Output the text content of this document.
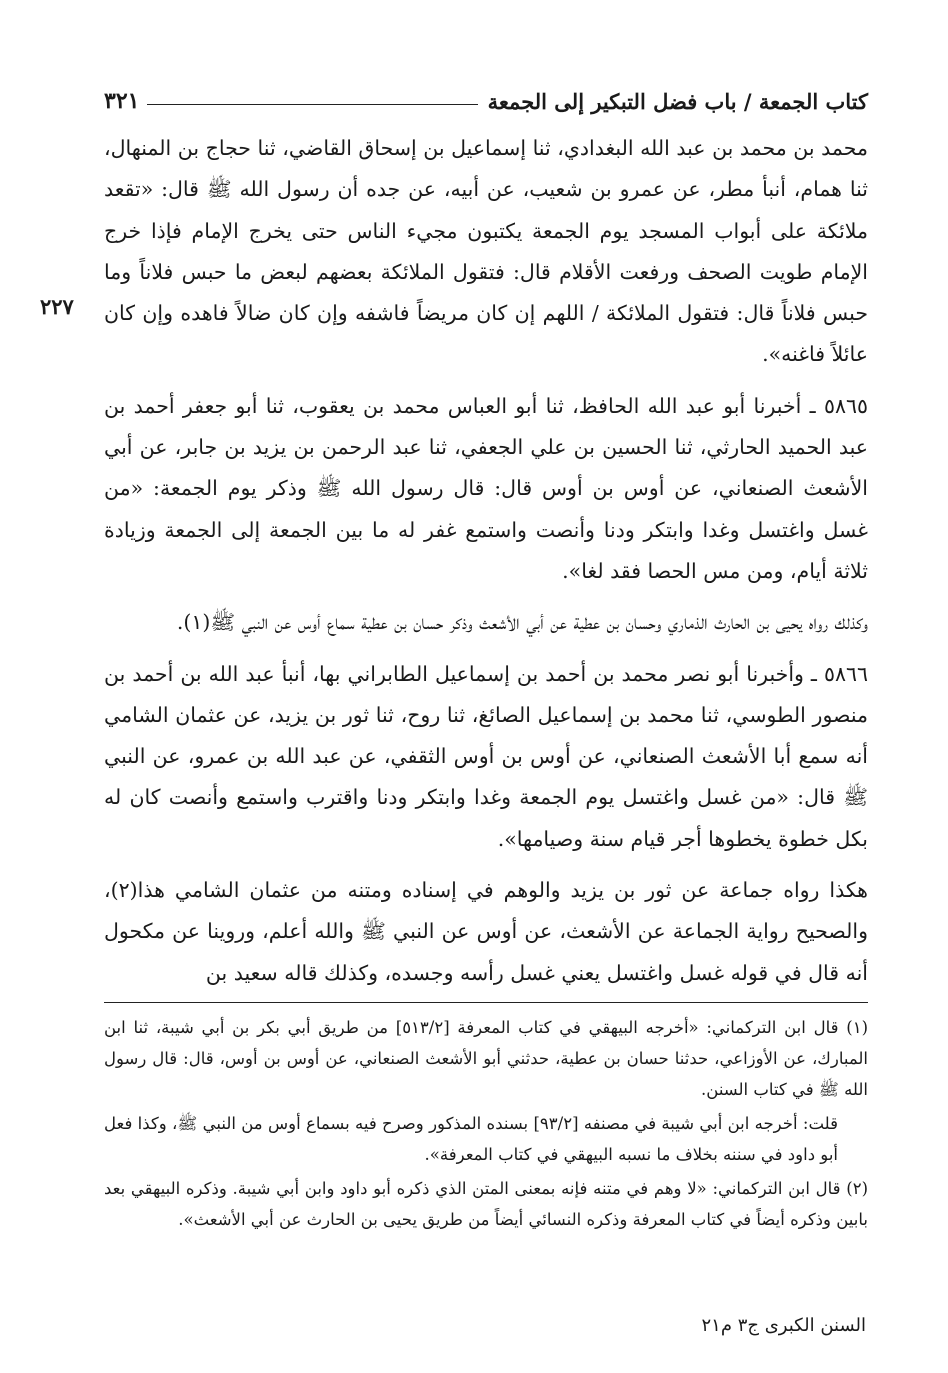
كتاب الجمعة / باب فضل التبكير إلى الجمعة
٣٢١
٢٢٧

محمد بن محمد بن عبد الله البغدادي، ثنا إسماعيل بن إسحاق القاضي، ثنا حجاج بن المنهال، ثنا همام، أنبأ مطر، عن عمرو بن شعيب، عن أبيه، عن جده أن رسول الله ﷺ قال: «تقعد ملائكة على أبواب المسجد يوم الجمعة يكتبون مجيء الناس حتى يخرج الإمام فإذا خرج الإمام طويت الصحف ورفعت الأقلام قال: فتقول الملائكة بعضهم لبعض ما حبس فلاناً وما حبس فلاناً قال: فتقول الملائكة / اللهم إن كان مريضاً فاشفه وإن كان ضالاً فاهده وإن كان عائلاً فاغنه».

٥٨٦٥ ـ أخبرنا أبو عبد الله الحافظ، ثنا أبو العباس محمد بن يعقوب، ثنا أبو جعفر أحمد بن عبد الحميد الحارثي، ثنا الحسين بن علي الجعفي، ثنا عبد الرحمن بن يزيد بن جابر، عن أبي الأشعث الصنعاني، عن أوس بن أوس قال: قال رسول الله ﷺ وذكر يوم الجمعة: «من غسل واغتسل وغدا وابتكر ودنا وأنصت واستمع غفر له ما بين الجمعة إلى الجمعة وزيادة ثلاثة أيام، ومن مس الحصا فقد لغا».

وكذلك رواه يحيى بن الحارث الذماري وحسان بن عطية عن أبي الأشعث وذكر حسان بن عطية سماع أوس عن النبي ﷺ(١).

٥٨٦٦ ـ وأخبرنا أبو نصر محمد بن أحمد بن إسماعيل الطابراني بها، أنبأ عبد الله بن أحمد بن منصور الطوسي، ثنا محمد بن إسماعيل الصائغ، ثنا روح، ثنا ثور بن يزيد، عن عثمان الشامي أنه سمع أبا الأشعث الصنعاني، عن أوس بن أوس الثقفي، عن عبد الله بن عمرو، عن النبي ﷺ قال: «من غسل واغتسل يوم الجمعة وغدا وابتكر ودنا واقترب واستمع وأنصت كان له بكل خطوة يخطوها أجر قيام سنة وصيامها».

هكذا رواه جماعة عن ثور بن يزيد والوهم في إسناده ومتنه من عثمان الشامي هذا(٢)، والصحيح رواية الجماعة عن الأشعث، عن أوس عن النبي ﷺ والله أعلم، وروينا عن مكحول أنه قال في قوله غسل واغتسل يعني غسل رأسه وجسده، وكذلك قاله سعيد بن

(١) قال ابن التركماني: «أخرجه البيهقي في كتاب المعرفة [٥١٣/٢] من طريق أبي بكر بن أبي شيبة، ثنا ابن المبارك، عن الأوزاعي، حدثنا حسان بن عطية، حدثني أبو الأشعث الصنعاني، عن أوس بن أوس، قال: قال رسول الله ﷺ في كتاب السنن.

قلت: أخرجه ابن أبي شيبة في مصنفه [٩٣/٢] بسنده المذكور وصرح فيه بسماع أوس من النبي ﷺ، وكذا فعل أبو داود في سننه بخلاف ما نسبه البيهقي في كتاب المعرفة».

(٢) قال ابن التركماني: «لا وهم في متنه فإنه بمعنى المتن الذي ذكره أبو داود وابن أبي شيبة. وذكره البيهقي بعد بابين وذكره أيضاً في كتاب المعرفة وذكره النسائي أيضاً من طريق يحيى بن الحارث عن أبي الأشعث».

السنن الكبرى ج٣ م٢١
